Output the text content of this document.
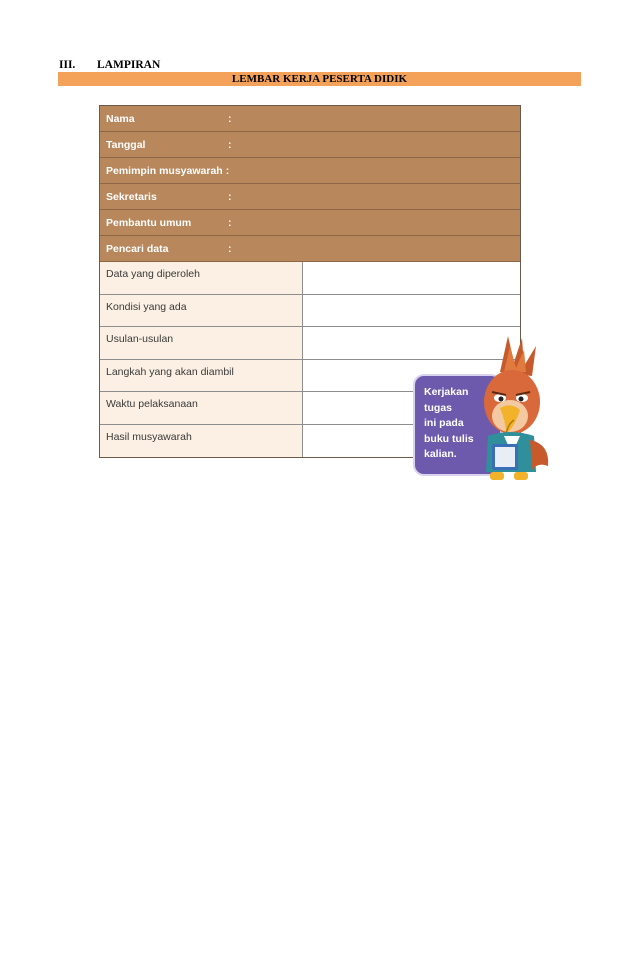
III. LAMPIRAN
LEMBAR KERJA PESERTA DIDIK
Nama	:
Tanggal	:
Pemimpin musyawarah :
Sekretaris	:
Pembantu umum	:
Pencari data	:
Data yang diperoleh
Kondisi yang ada
Usulan-usulan
Langkah yang akan diambil
Waktu pelaksanaan
Hasil musyawarah
Kerjakan
tugas
ini pada
buku tulis
kalian.
